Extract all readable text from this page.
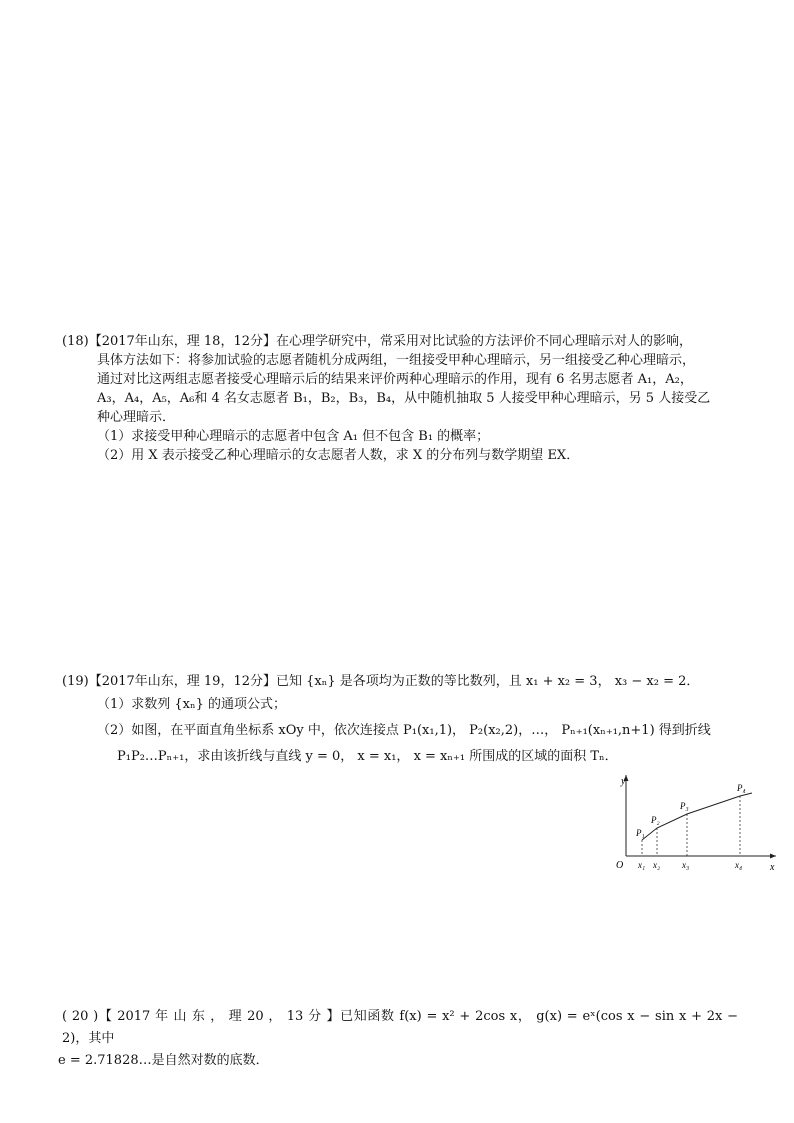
(18)【2017年山东，理 18，12分】在心理学研究中，常采用对比试验的方法评价不同心理暗示对人的影响，
具体方法如下：将参加试验的志愿者随机分成两组，一组接受甲种心理暗示，另一组接受乙种心理暗示，
通过对比这两组志愿者接受心理暗示后的结果来评价两种心理暗示的作用，现有 6 名男志愿者 A₁，A₂，
A₃，A₄，A₅，A₆和 4 名女志愿者 B₁，B₂，B₃，B₄，从中随机抽取 5 人接受甲种心理暗示，另 5 人接受乙
种心理暗示．
（1）求接受甲种心理暗示的志愿者中包含 A₁ 但不包含 B₁ 的概率；
（2）用 X 表示接受乙种心理暗示的女志愿者人数，求 X 的分布列与数学期望 EX．
(19)【2017年山东，理 19，12分】已知 {xₙ} 是各项均为正数的等比数列，且 x₁ + x₂ = 3， x₃ − x₂ = 2．
（1）求数列 {xₙ} 的通项公式；
（2）如图，在平面直角坐标系 xOy 中，依次连接点 P₁(x₁,1)， P₂(x₂,2)，…， Pₙ₊₁(xₙ₊₁,n+1) 得到折线
P₁P₂…Pₙ₊₁，求由该折线与直线 y = 0， x = x₁， x = xₙ₊₁ 所围成的区域的面积 Tₙ．
y
x
O
P₁
P₂
P₃
P₄
x₁ x₂ x₃	x₄
( 20 )【 2017 年 山 东 ， 理 20 ， 13 分 】已知函数 f(x) = x² + 2cos x， g(x) = eˣ(cos x − sin x + 2x − 2)，其中
e = 2.71828…是自然对数的底数．
